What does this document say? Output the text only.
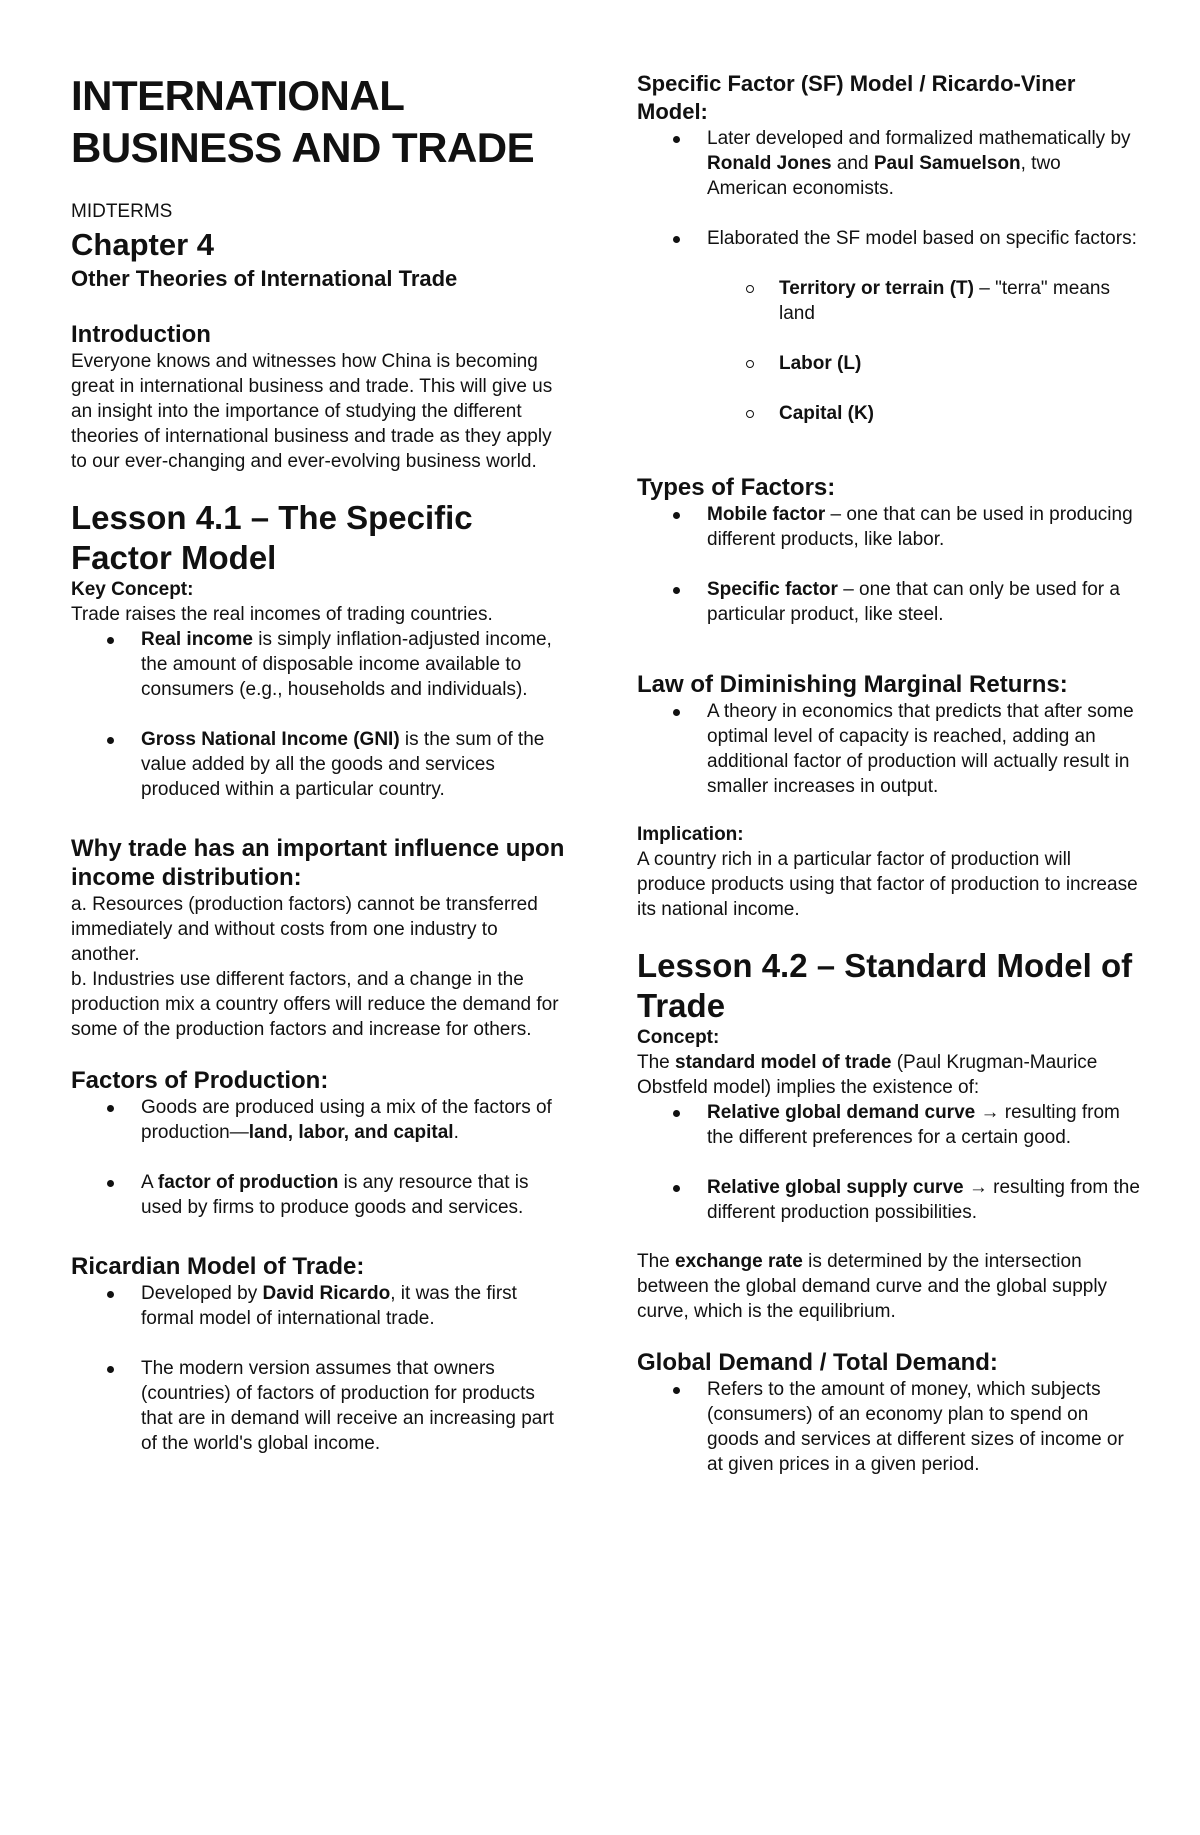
INTERNATIONAL BUSINESS AND TRADE

MIDTERMS

Chapter 4
Other Theories of International Trade
Introduction

Everyone knows and witnesses how China is becoming great in international business and trade. This will give us an insight into the importance of studying the different theories of international business and trade as they apply to our ever-changing and ever-evolving business world.

Lesson 4.1 – The Specific Factor Model

Key Concept:

Trade raises the real incomes of trading countries.

Real income is simply inflation-adjusted income, the amount of disposable income available to consumers (e.g., households and individuals).
Gross National Income (GNI) is the sum of the value added by all the goods and services produced within a particular country.
Why trade has an important influence upon income distribution:

a. Resources (production factors) cannot be transferred immediately and without costs from one industry to another.

b. Industries use different factors, and a change in the production mix a country offers will reduce the demand for some of the production factors and increase for others.

Factors of Production:
Goods are produced using a mix of the factors of production—land, labor, and capital.
A factor of production is any resource that is used by firms to produce goods and services.
Ricardian Model of Trade:
Developed by David Ricardo, it was the first formal model of international trade.
The modern version assumes that owners (countries) of factors of production for products that are in demand will receive an increasing part of the world's global income.
Specific Factor (SF) Model / Ricardo-Viner Model:
Later developed and formalized mathematically by Ronald Jones and Paul Samuelson, two American economists.
Elaborated the SF model based on specific factors:
Territory or terrain (T) – "terra" means land
Labor (L)
Capital (K)
Types of Factors:
Mobile factor – one that can be used in producing different products, like labor.
Specific factor – one that can only be used for a particular product, like steel.
Law of Diminishing Marginal Returns:
A theory in economics that predicts that after some optimal level of capacity is reached, adding an additional factor of production will actually result in smaller increases in output.

Implication:

A country rich in a particular factor of production will produce products using that factor of production to increase its national income.

Lesson 4.2 – Standard Model of Trade

Concept:

The standard model of trade (Paul Krugman-Maurice Obstfeld model) implies the existence of:

Relative global demand curve → resulting from the different preferences for a certain good.
Relative global supply curve → resulting from the different production possibilities.

The exchange rate is determined by the intersection between the global demand curve and the global supply curve, which is the equilibrium.

Global Demand / Total Demand:
Refers to the amount of money, which subjects (consumers) of an economy plan to spend on goods and services at different sizes of income or at given prices in a given period.
